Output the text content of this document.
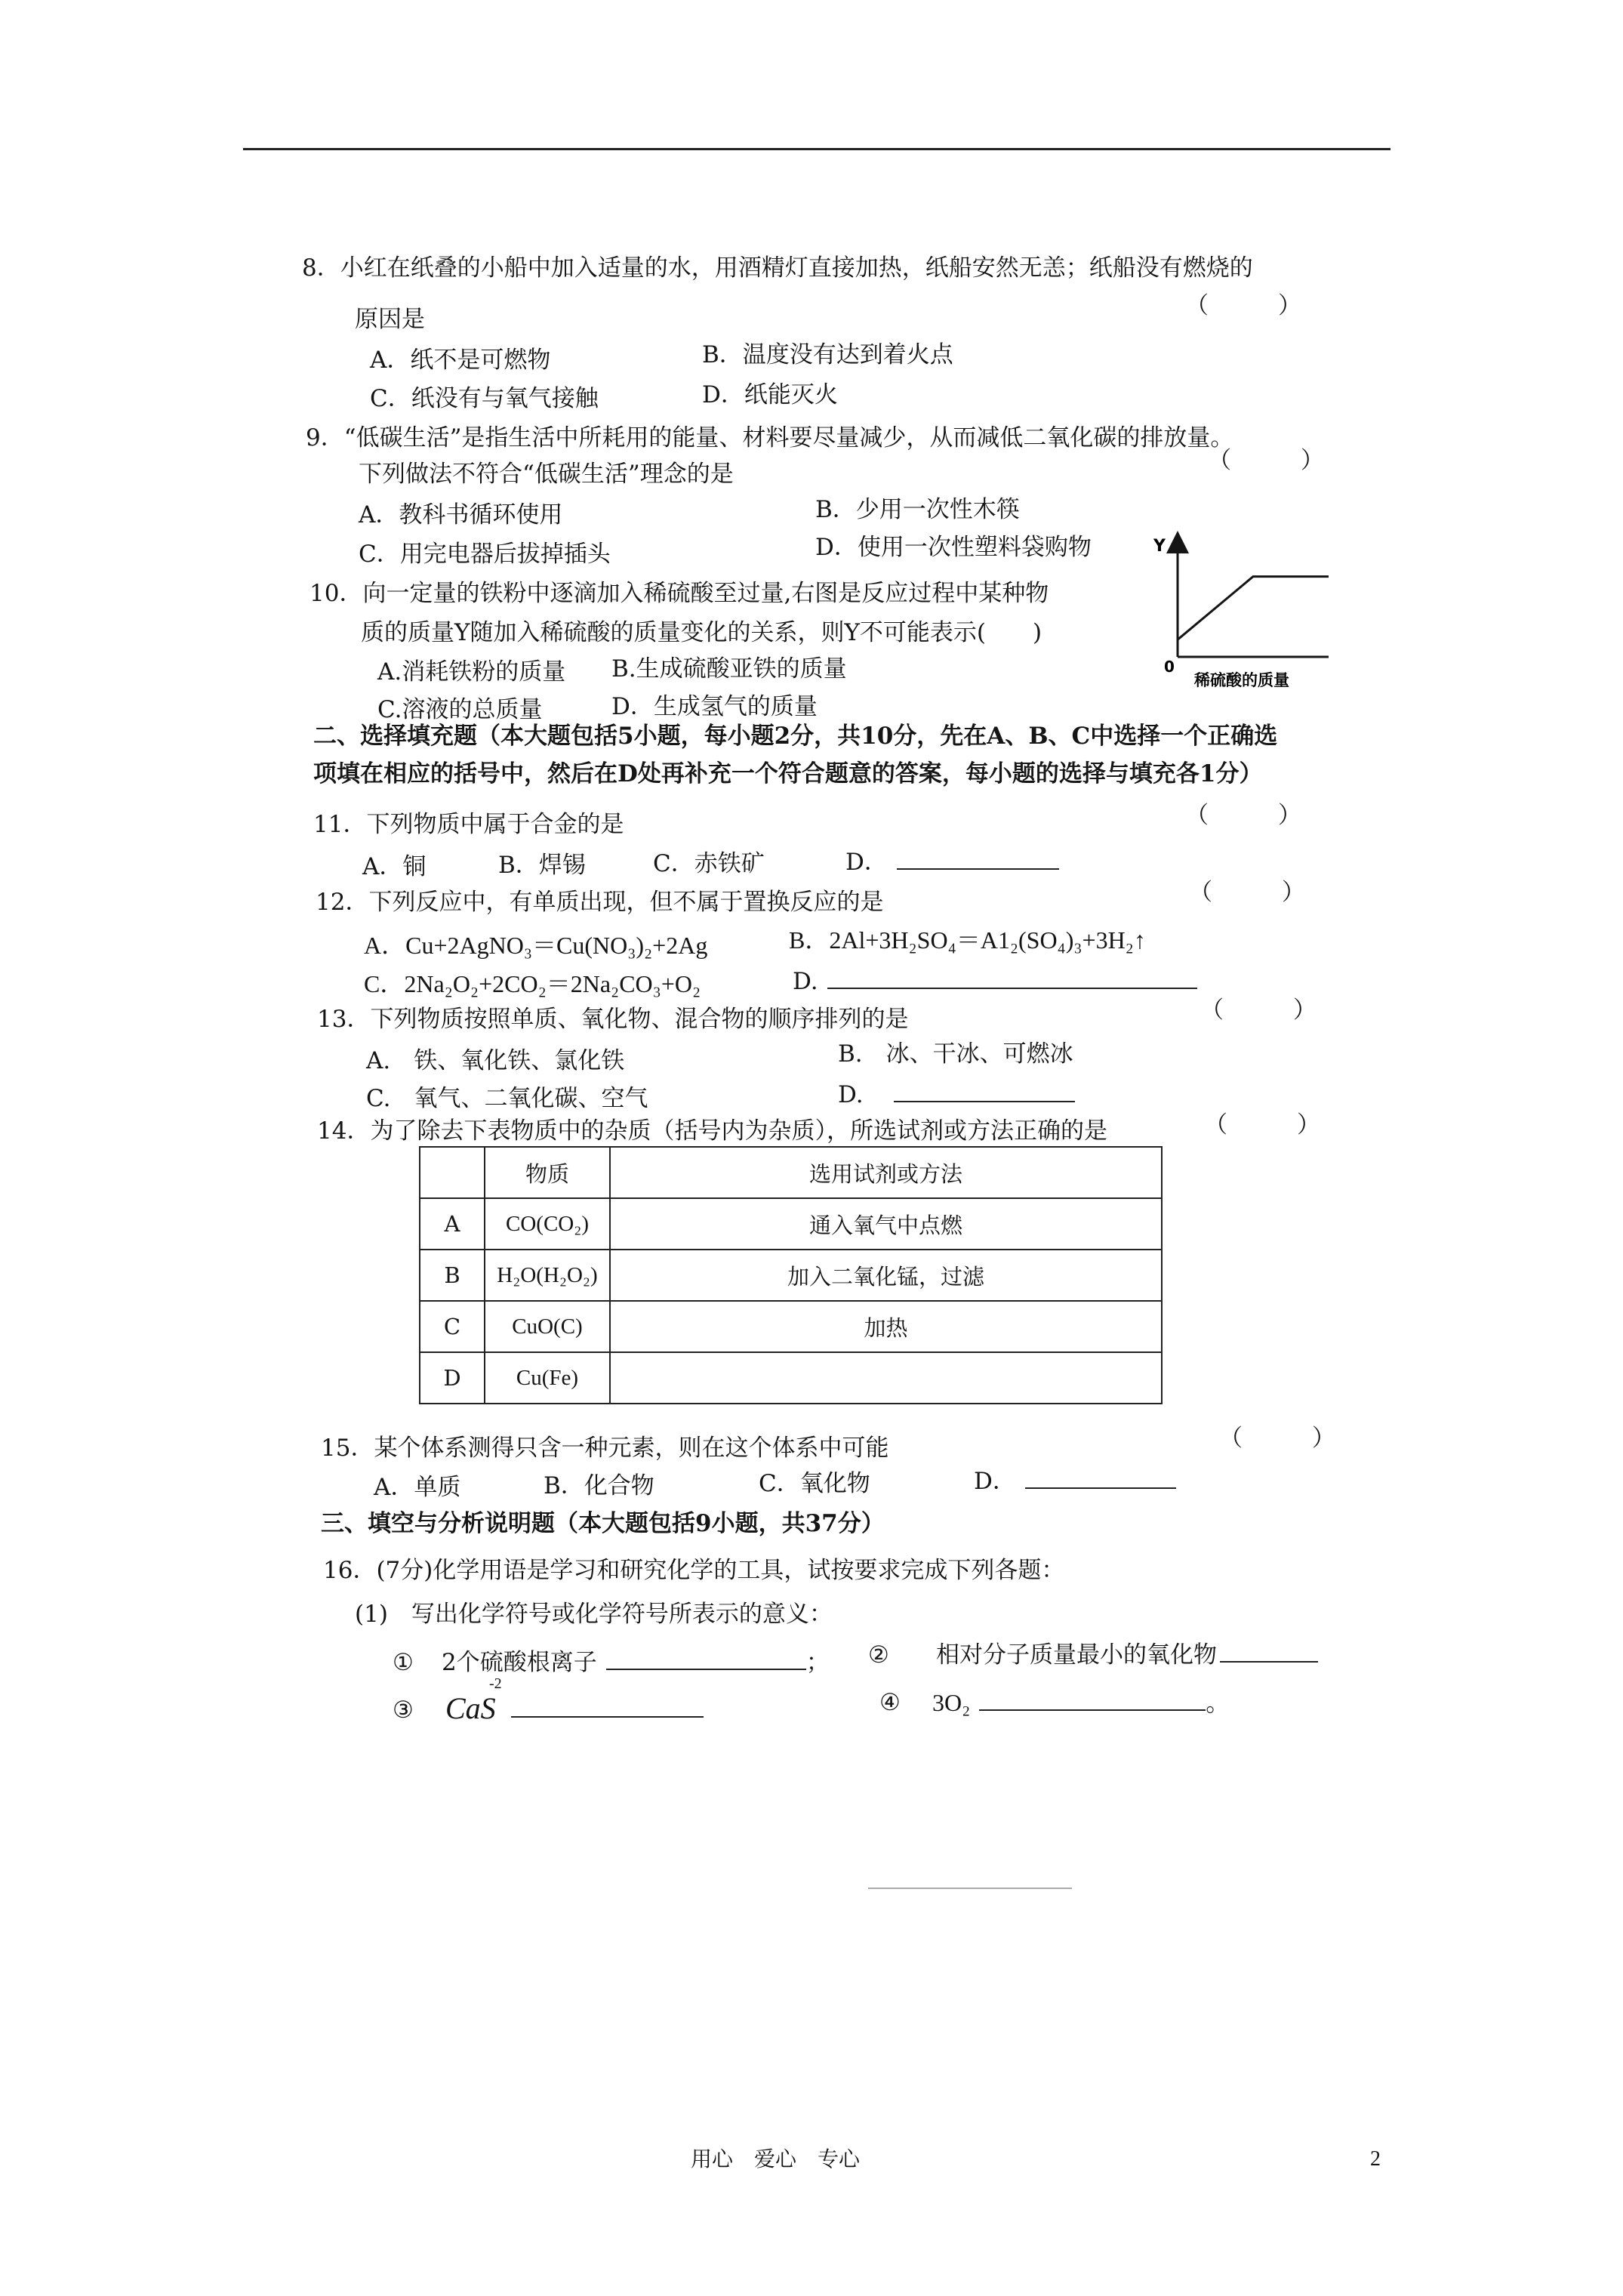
8．小红在纸叠的小船中加入适量的水，用酒精灯直接加热，纸船安然无恙；纸船没有燃烧的
原因是	（　　）
A．纸不是可燃物	B．温度没有达到着火点
C．纸没有与氧气接触	D．纸能灭火
9．“低碳生活”是指生活中所耗用的能量、材料要尽量减少，从而减低二氧化碳的排放量。
下列做法不符合“低碳生活”理念的是	（　　）
A．教科书循环使用	B．少用一次性木筷
C．用完电器后拔掉插头	D．使用一次性塑料袋购物
10．向一定量的铁粉中逐滴加入稀硫酸至过量,右图是反应过程中某种物
质的质量Y随加入稀硫酸的质量变化的关系，则Y不可能表示(　　)
A.消耗铁粉的质量 B.生成硫酸亚铁的质量
C.溶液的总质量	D．生成氢气的质量
Y
0
稀硫酸的质量
二、选择填充题（本大题包括5小题，每小题2分，共10分，先在A、B、C中选择一个正确选
项填在相应的括号中，然后在D处再补充一个符合题意的答案，每小题的选择与填充各1分）
11．下列物质中属于合金的是	（　　）
A．铜	B．焊锡	C．赤铁矿	D．
12．下列反应中，有单质出现，但不属于置换反应的是	（　　）
A．Cu+2AgNO₃＝Cu(NO₃)₂+2Ag	B．2Al+3H₂SO₄＝A1₂(SO₄)₃+3H₂↑
C．2Na₂O₂+2CO₂＝2Na₂CO₃+O₂	D.
13．下列物质按照单质、氧化物、混合物的顺序排列的是	（　　）
A.　铁、氧化铁、氯化铁	B.　冰、干冰、可燃冰
C.　氧气、二氧化碳、空气	D.
14．为了除去下表物质中的杂质（括号内为杂质），所选试剂或方法正确的是	（　　）
	物质	选用试剂或方法
A	CO(CO₂)	通入氧气中点燃
B	H₂O(H₂O₂)	加入二氧化锰，过滤
C	CuO(C)	加热
D	Cu(Fe)	
15．某个体系测得只含一种元素，则在这个体系中可能	（　　）
A．单质	B．化合物	C．氧化物	D．
三、填空与分析说明题（本大题包括9小题，共37分）
16．(7分)化学用语是学习和研究化学的工具，试按要求完成下列各题：
(1)　写出化学符号或化学符号所表示的意义：
① 2个硫酸根离子	； ② 相对分子质量最小的氧化物
③
-2
CaS	④ 3O₂	。
用心　爱心　专心	2
